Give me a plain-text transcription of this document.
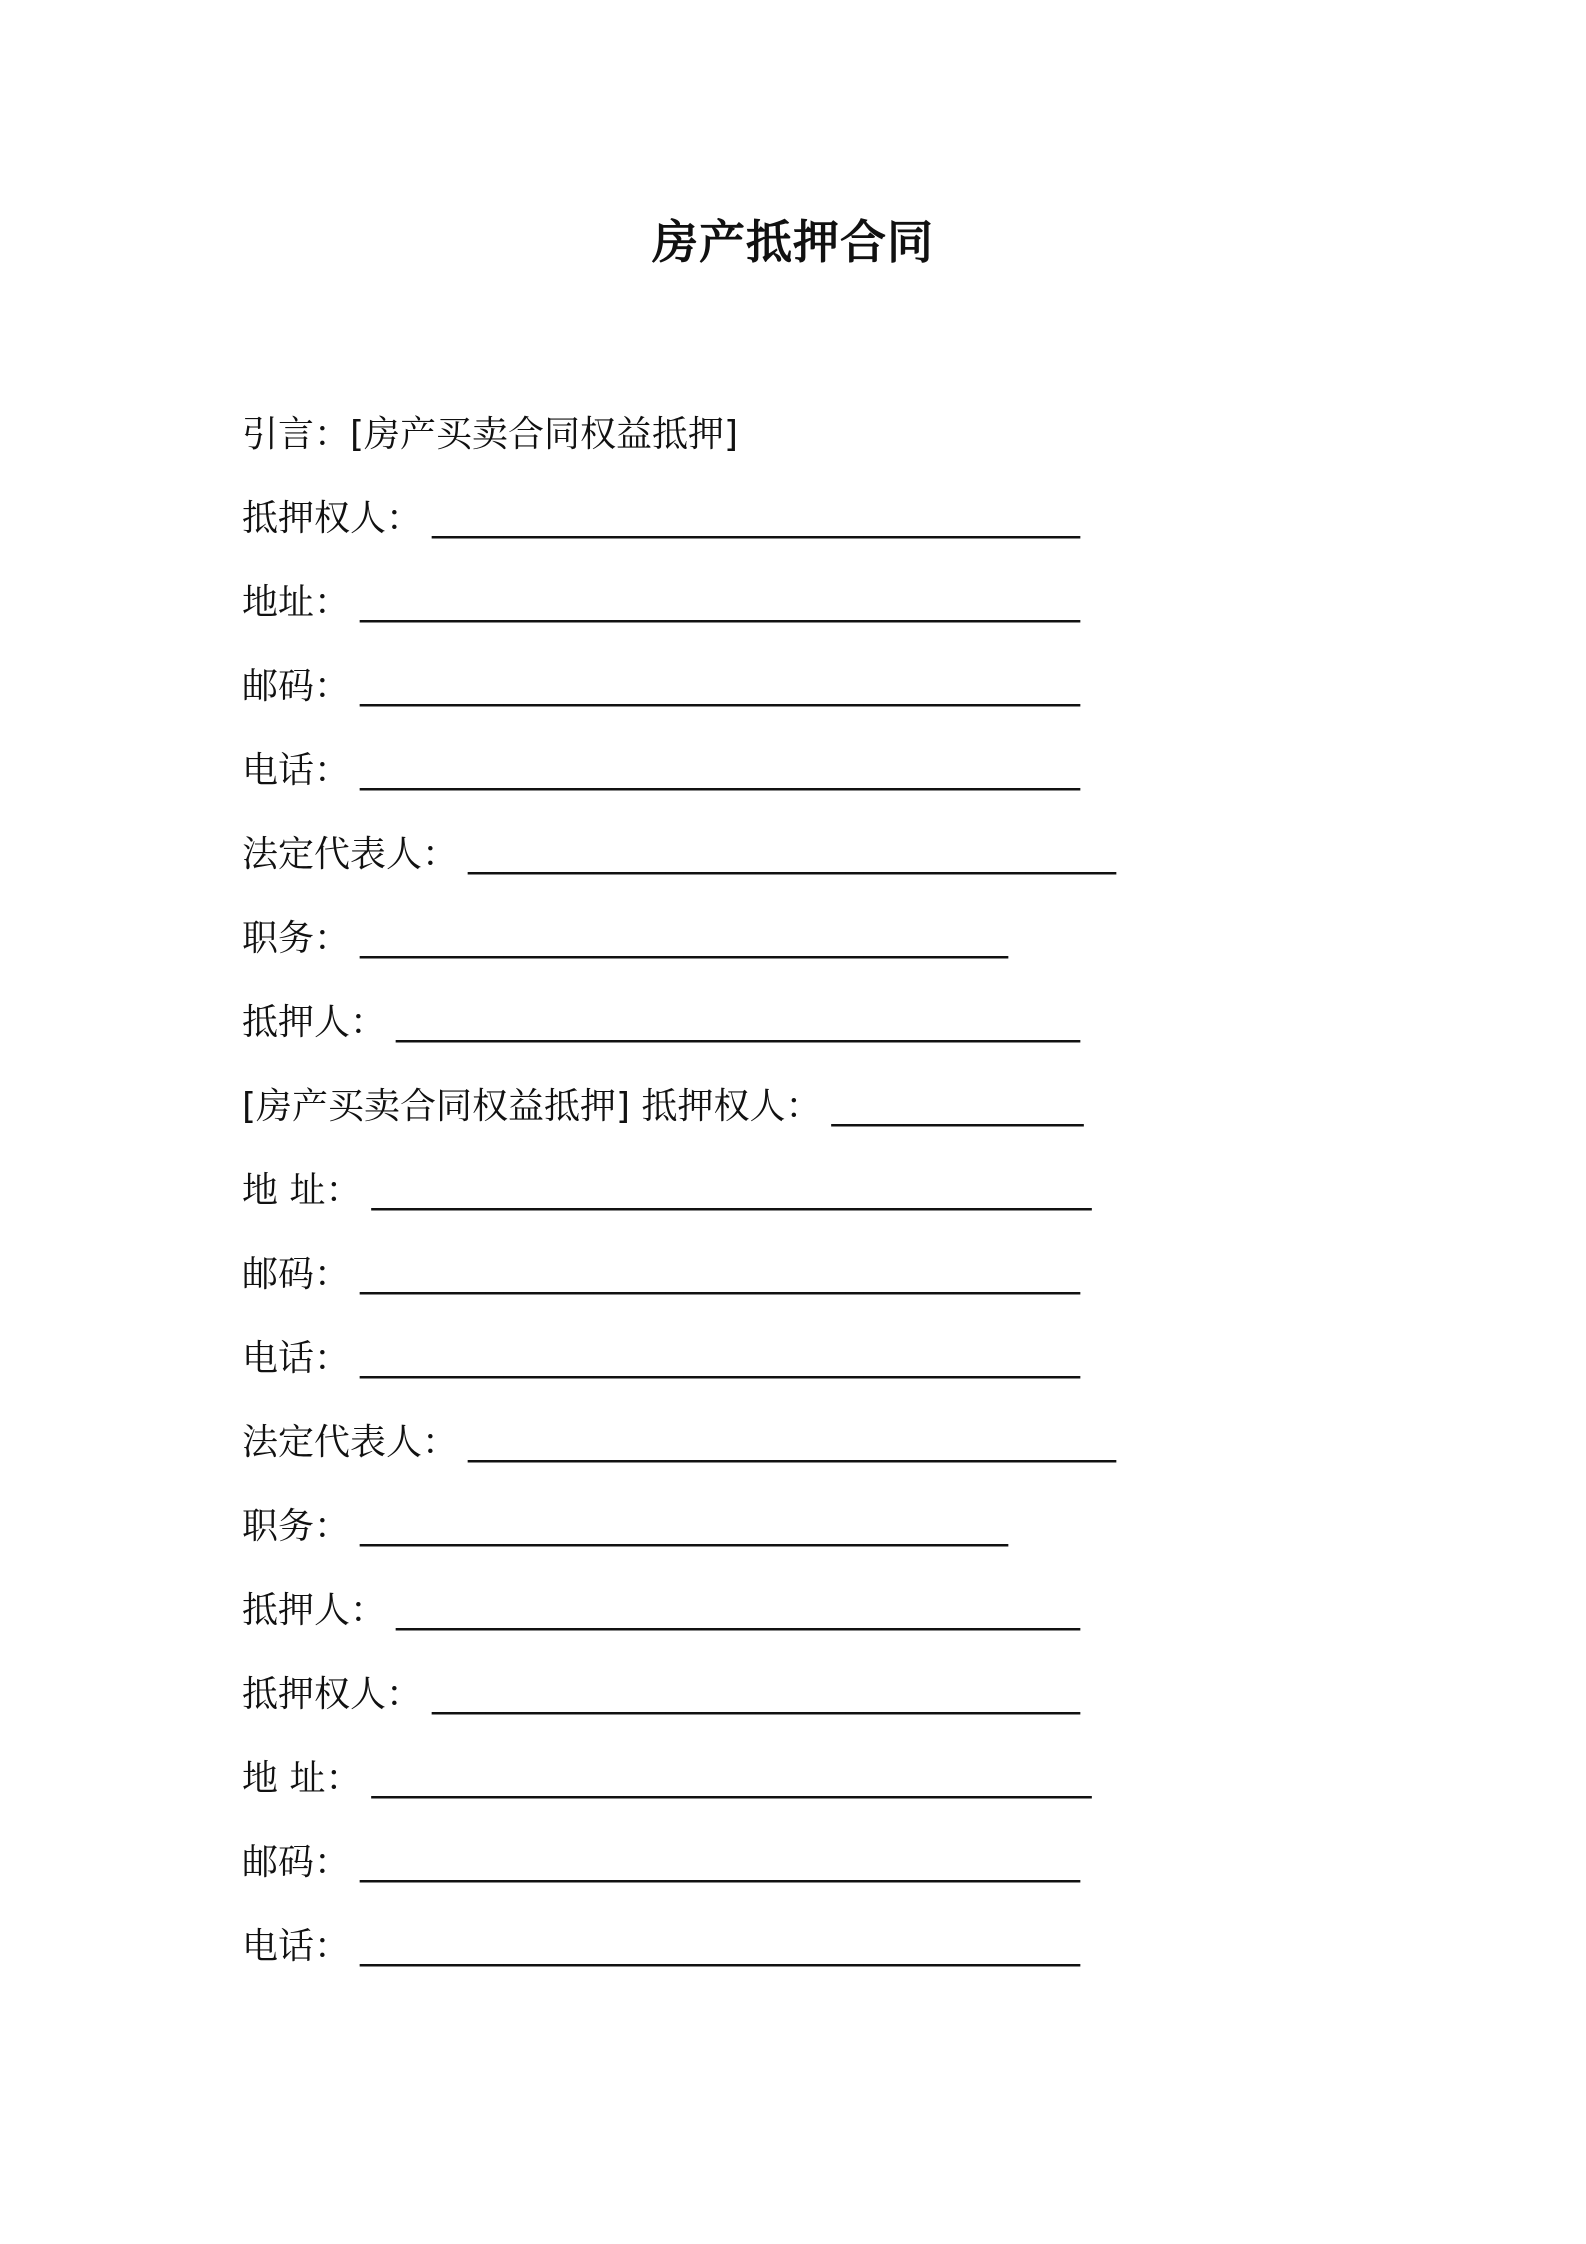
房产抵押合同
引言：[房产买卖合同权益抵押]
抵押权人： ____________________________________
地址： ________________________________________
邮码： ________________________________________
电话： ________________________________________
法定代表人： ____________________________________
职务： ____________________________________
抵押人： ______________________________________
[房产买卖合同权益抵押] 抵押权人： ______________
地 址： ________________________________________
邮码： ________________________________________
电话： ________________________________________
法定代表人： ____________________________________
职务： ____________________________________
抵押人： ______________________________________
抵押权人： ____________________________________
地 址： ________________________________________
邮码： ________________________________________
电话： ________________________________________
